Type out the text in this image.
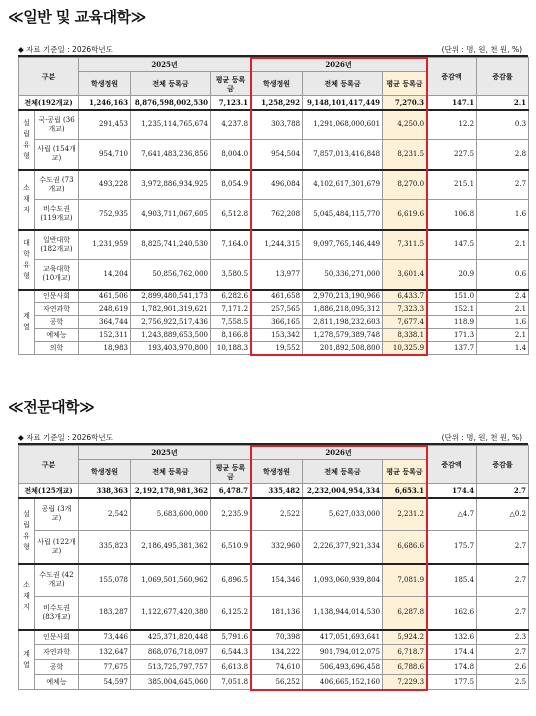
≪일반 및 교육대학≫
◆ 자료 기준일 : 2026학년도	(단위 : 명, 원, 천 원, %)
구분		2025년			2026년			증감액	증감률
		학생정원	전체 등록금	평균 등록금	학생정원	전체 등록금	평균 등록금		
전체(192개교)		1,246,163	8,876,598,002,530	7,123.1	1,258,292	9,148,101,417,449	7,270.3	147.1	2.1
설립유형	국·공립 (36개교)	291,453	1,235,114,765,674	4,237.8	303,788	1,291,068,000,601	4,250.0	12.2	0.3
	사립 (154개교)	954,710	7,641,483,236,856	8,004.0	954,504	7,857,013,416,848	8,231.5	227.5	2.8
소재지	수도권 (73개교)	493,228	3,972,886,934,925	8,054.9	496,084	4,102,617,301,679	8,270.0	215.1	2.7
	비수도권 (119개교)	752,935	4,903,711,067,605	6,512.8	762,208	5,045,484,115,770	6,619.6	106.8	1.6
대학유형	일반대학 (182개교)	1,231,959	8,825,741,240,530	7,164.0	1,244,315	9,097,765,146,449	7,311.5	147.5	2.1
	교육대학 (10개교)	14,204	50,856,762,000	3,580.5	13,977	50,336,271,000	3,601.4	20.9	0.6
계열	인문사회	461,506	2,899,480,541,173	6,282.6	461,658	2,970,213,190,966	6,433.7	151.0	2.4
	자연과학	248,619	1,782,901,319,621	7,171.2	257,565	1,886,218,095,312	7,323.3	152.1	2.1
	공학	364,744	2,756,922,517,436	7,558.5	366,165	2,811,198,232,603	7,677.4	118.9	1.6
	예체능	152,311	1,243,889,653,500	8,166.8	153,342	1,278,579,389,748	8,338.1	171.3	2.1
	의학	18,983	193,403,970,800	10,188.3	19,552	201,892,508,800	10,325.9	137.7	1.4
≪전문대학≫
◆ 자료 기준일 : 2026학년도	(단위 : 명, 원, 천 원, %)
구분		2025년			2026년			증감액	증감률
		학생정원	전체 등록금	평균 등록금	학생정원	전체 등록금	평균 등록금		
전체(125개교)		338,363	2,192,178,981,362	6,478.7	335,482	2,232,004,954,334	6,653.1	174.4	2.7
설립유형	공립 (3개교)	2,542	5,683,600,000	2,235.9	2,522	5,627,033,000	2,231.2	△4.7	△0.2
	사립 (122개교)	335,823	2,186,495,381,362	6,510.9	332,960	2,226,377,921,334	6,686.6	175.7	2.7
소재지	수도권 (42개교)	155,078	1,069,501,560,962	6,896.5	154,346	1,093,060,939,804	7,081.9	185.4	2.7
	비수도권 (83개교)	183,287	1,122,677,420,380	6,125.2	181,136	1,138,944,014,530	6,287.8	162.6	2.7
계열	인문사회	73,446	425,371,820,448	5,791.6	70,398	417,051,693,641	5,924.2	132.6	2.3
	자연과학	132,647	868,076,718,097	6,544.3	134,222	901,794,012,075	6,718.7	174.4	2.7
	공학	77,675	513,725,797,757	6,613.8	74,610	506,493,696,458	6,788.6	174.8	2.6
	예체능	54,597	385,004,645,060	7,051.8	56,252	406,665,152,160	7,229.3	177.5	2.5
